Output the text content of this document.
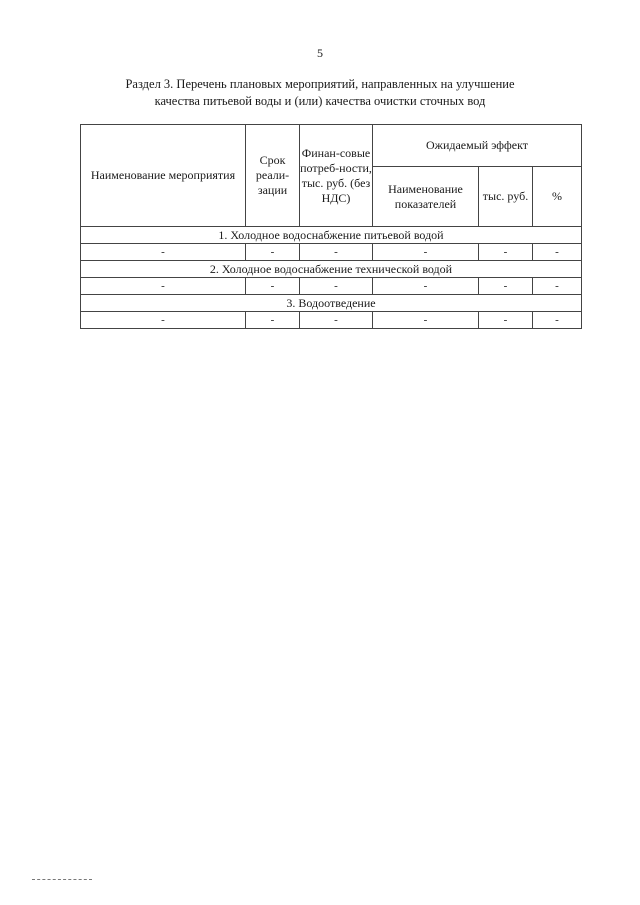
5
Раздел 3. Перечень плановых мероприятий, направленных на улучшение
качества питьевой воды и (или) качества очистки сточных вод
Наименование мероприятия	Срок реали-зации	Финан-совые потреб-ности, тыс. руб. (без НДС)	Ожидаемый эффект		
			Наименование показателей	тыс. руб.	%
1. Холодное водоснабжение питьевой водой					
-	-	-	-	-	-
2. Холодное водоснабжение технической водой					
-	-	-	-	-	-
3. Водоотведение					
-	-	-	-	-	-
